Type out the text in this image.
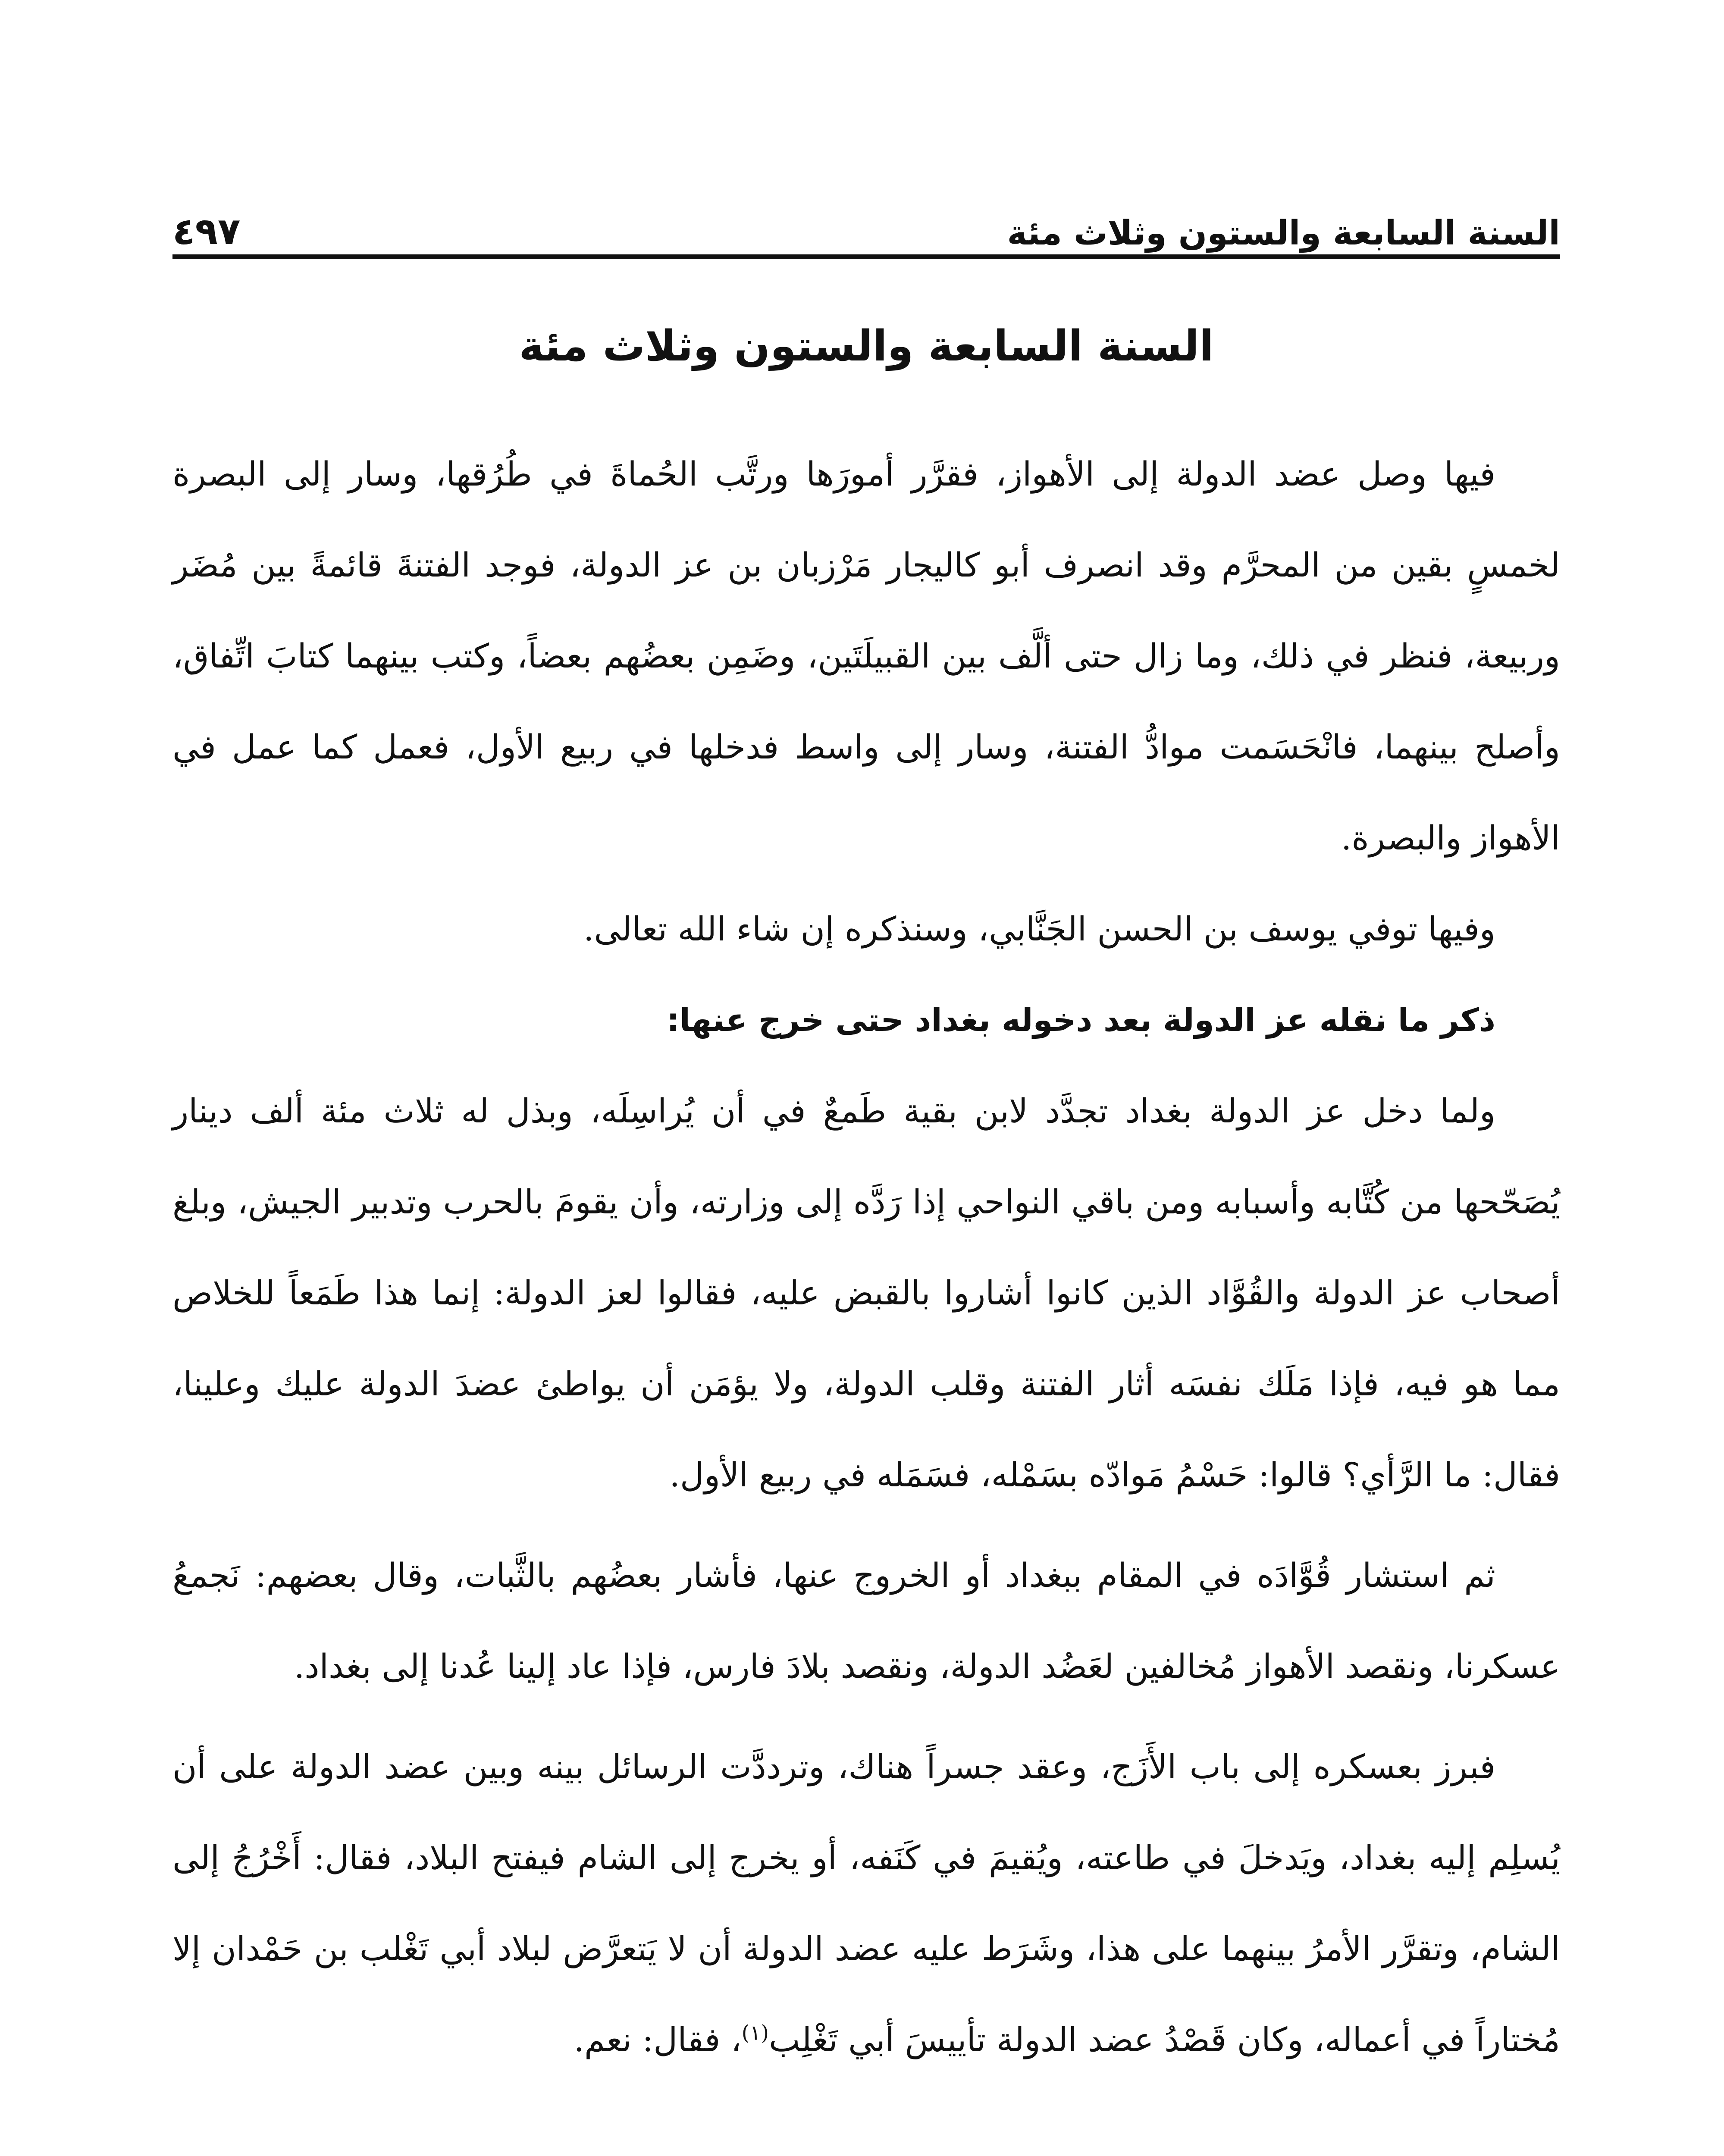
السنة السابعة والستون وثلاث مئة
٤٩٧
السنة السابعة والستون وثلاث مئة

فيها وصل عضد الدولة إلى الأهواز، فقرَّر أمورَها ورتَّب الحُماةَ في طُرُقها، وسار إلى البصرة لخمسٍ بقين من المحرَّم وقد انصرف أبو كاليجار مَرْزبان بن عز الدولة، فوجد الفتنةَ قائمةً بين مُضَر وربيعة، فنظر في ذلك، وما زال حتى ألَّف بين القبيلَتَين، وضَمِن بعضُهم بعضاً، وكتب بينهما كتابَ اتِّفاق، وأصلح بينهما، فانْحَسَمت موادُّ الفتنة، وسار إلى واسط فدخلها في ربيع الأول، فعمل كما عمل في الأهواز والبصرة.

وفيها توفي يوسف بن الحسن الجَنَّابي، وسنذكره إن شاء الله تعالى.

ذكر ما نقله عز الدولة بعد دخوله بغداد حتى خرج عنها:

ولما دخل عز الدولة بغداد تجدَّد لابن بقية طَمعٌ في أن يُراسِلَه، وبذل له ثلاث مئة ألف دينار يُصَحّحها من كُتَّابه وأسبابه ومن باقي النواحي إذا رَدَّه إلى وزارته، وأن يقومَ بالحرب وتدبير الجيش، وبلغ أصحاب عز الدولة والقُوَّاد الذين كانوا أشاروا بالقبض عليه، فقالوا لعز الدولة: إنما هذا طَمَعاً للخلاص مما هو فيه، فإذا مَلَك نفسَه أثار الفتنة وقلب الدولة، ولا يؤمَن أن يواطئ عضدَ الدولة عليك وعلينا، فقال: ما الرَّأي؟ قالوا: حَسْمُ مَوادّه بسَمْله، فسَمَله في ربيع الأول.

ثم استشار قُوَّادَه في المقام ببغداد أو الخروج عنها، فأشار بعضُهم بالثَّبات، وقال بعضهم: نَجمعُ عسكرنا، ونقصد الأهواز مُخالفين لعَضُد الدولة، ونقصد بلادَ فارس، فإذا عاد إلينا عُدنا إلى بغداد.

فبرز بعسكره إلى باب الأَزَج، وعقد جسراً هناك، وترددَّت الرسائل بينه وبين عضد الدولة على أن يُسلِم إليه بغداد، ويَدخلَ في طاعته، ويُقيمَ في كَنَفه، أو يخرج إلى الشام فيفتح البلاد، فقال: أَخْرُجُ إلى الشام، وتقرَّر الأمرُ بينهما على هذا، وشَرَط عليه عضد الدولة أن لا يَتعرَّض لبلاد أبي تَغْلب بن حَمْدان إلا مُختاراً في أعماله، وكان قَصْدُ عضد الدولة تأييسَ أبي تَغْلِب$^{(١)}$، فقال: نعم.
